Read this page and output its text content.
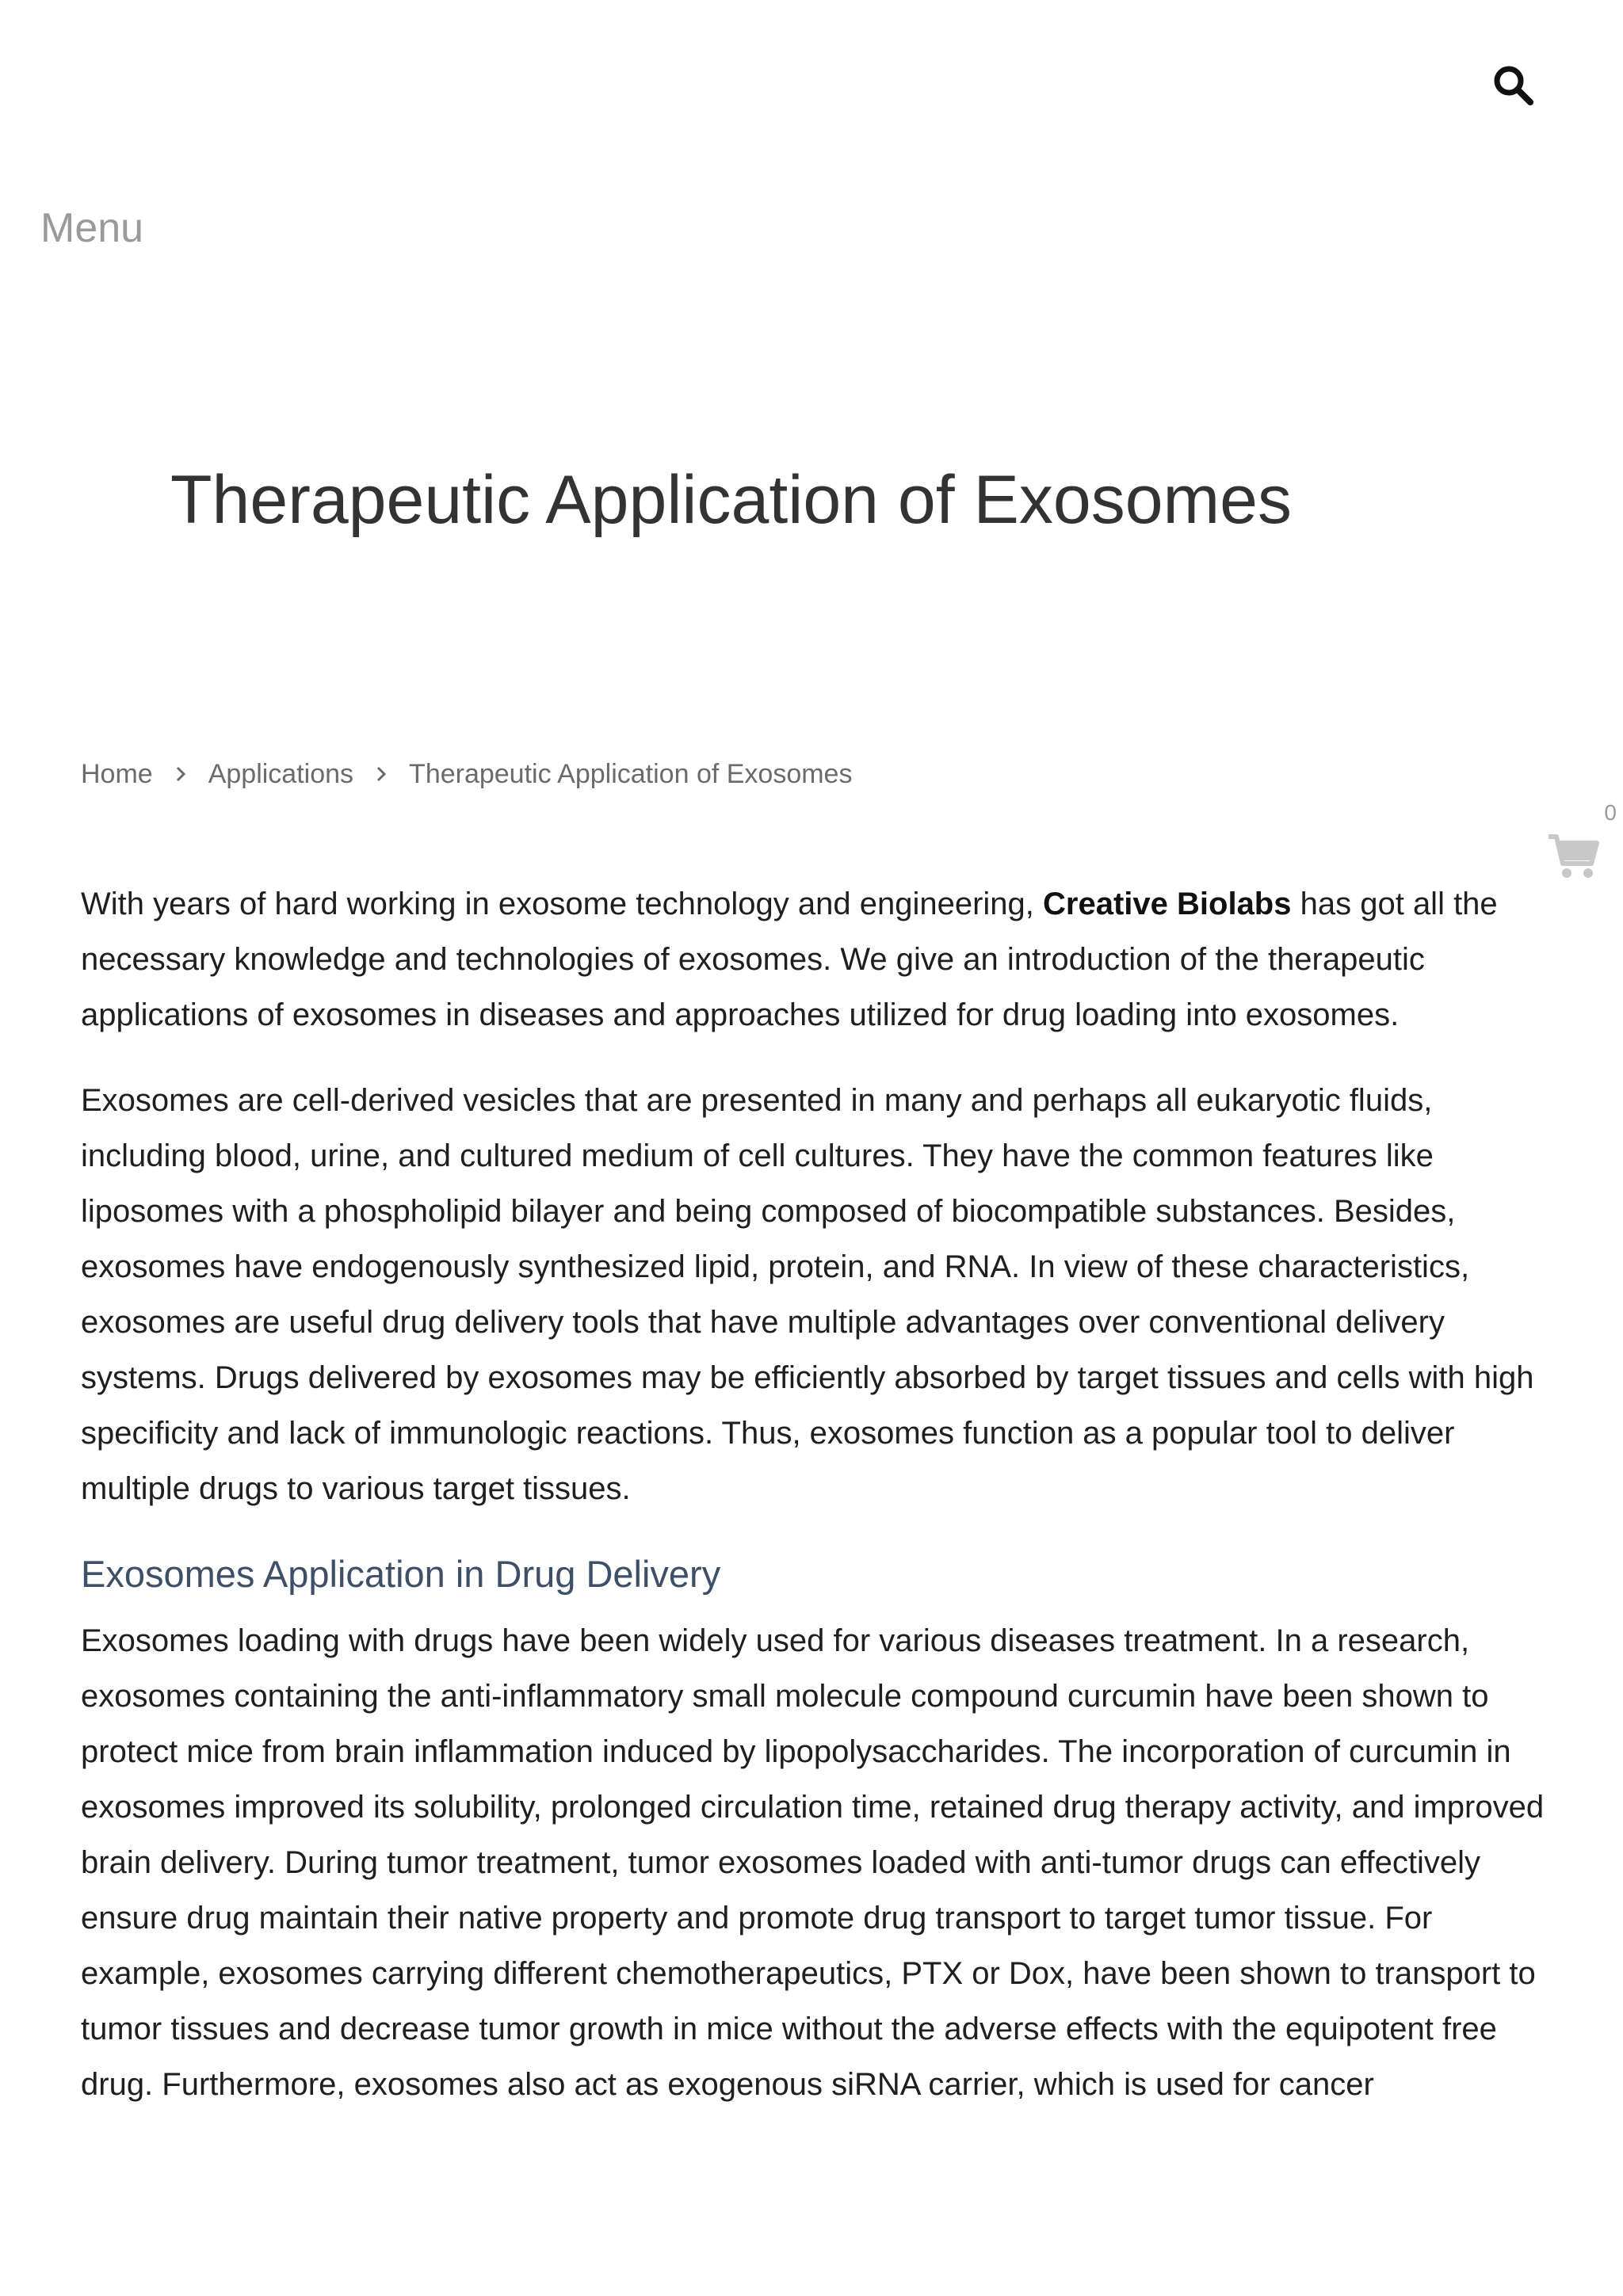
Menu
Therapeutic Application of Exosomes
Home Applications Therapeutic Application of Exosomes
0

With years of hard working in exosome technology and engineering, Creative Biolabs has got all the necessary knowledge and technologies of exosomes. We give an introduction of the therapeutic applications of exosomes in diseases and approaches utilized for drug loading into exosomes.

Exosomes are cell-derived vesicles that are presented in many and perhaps all eukaryotic fluids, including blood, urine, and cultured medium of cell cultures. They have the common features like liposomes with a phospholipid bilayer and being composed of biocompatible substances. Besides, exosomes have endogenously synthesized lipid, protein, and RNA. In view of these characteristics, exosomes are useful drug delivery tools that have multiple advantages over conventional delivery systems. Drugs delivered by exosomes may be efficiently absorbed by target tissues and cells with high specificity and lack of immunologic reactions. Thus, exosomes function as a popular tool to deliver multiple drugs to various target tissues.

Exosomes Application in Drug Delivery

Exosomes loading with drugs have been widely used for various diseases treatment. In a research, exosomes containing the anti-inflammatory small molecule compound curcumin have been shown to protect mice from brain inflammation induced by lipopolysaccharides. The incorporation of curcumin in exosomes improved its solubility, prolonged circulation time, retained drug therapy activity, and improved brain delivery. During tumor treatment, tumor exosomes loaded with anti-tumor drugs can effectively ensure drug maintain their native property and promote drug transport to target tumor tissue. For example, exosomes carrying different chemotherapeutics, PTX or Dox, have been shown to transport to tumor tissues and decrease tumor growth in mice without the adverse effects with the equipotent free drug. Furthermore, exosomes also act as exogenous siRNA carrier, which is used for cancer
